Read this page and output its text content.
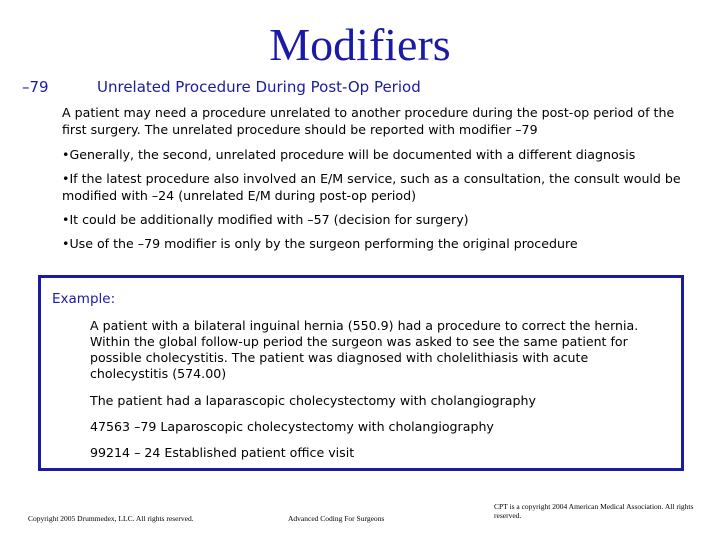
Modifiers
–79	Unrelated Procedure During Post-Op Period
A patient may need a procedure unrelated to another procedure during the post-op period of the first surgery. The unrelated procedure should be reported with modifier –79
• Generally, the second, unrelated procedure will be documented with a different diagnosis
• If the latest procedure also involved an E/M service, such as a consultation, the consult would be modified with –24 (unrelated E/M during post-op period)
• It could be additionally modified with –57 (decision for surgery)
• Use of the –79 modifier is only by the surgeon performing the original procedure
Example:
A patient with a bilateral inguinal hernia (550.9) had a procedure to correct the hernia. Within the global follow-up period the surgeon was asked to see the same patient for possible cholecystitis. The patient was diagnosed with cholelithiasis with acute cholecystitis (574.00)
The patient had a laparascopic cholecystectomy with cholangiography
47563 –79 Laparoscopic cholecystectomy with cholangiography
99214 – 24 Established patient office visit
Copyright 2005 Drummedex, LLC. All rights reserved.	Advanced Coding For Surgeons
CPT is a copyright 2004 American Medical Association. All rights reserved.
